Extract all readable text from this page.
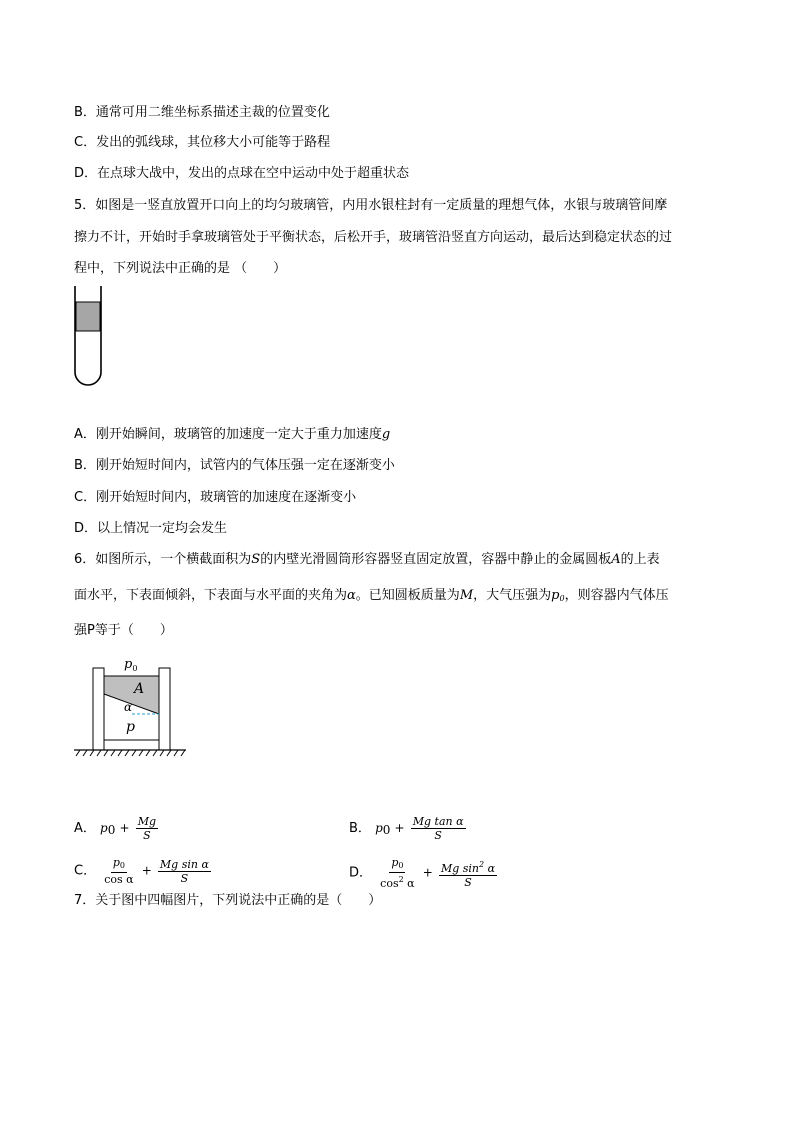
B．通常可用二维坐标系描述主裁的位置变化
C．发出的弧线球，其位移大小可能等于路程
D．在点球大战中，发出的点球在空中运动中处于超重状态
5．如图是一竖直放置开口向上的均匀玻璃管，内用水银柱封有一定质量的理想气体，水银与玻璃管间摩
擦力不计，开始时手拿玻璃管处于平衡状态，后松开手，玻璃管沿竖直方向运动，最后达到稳定状态的过
程中，下列说法中正确的是 （　　）
A．刚开始瞬间，玻璃管的加速度一定大于重力加速度g
B．刚开始短时间内，试管内的气体压强一定在逐渐变小
C．刚开始短时间内，玻璃管的加速度在逐渐变小
D．以上情况一定均会发生
6．如图所示，一个横截面积为S的内壁光滑圆筒形容器竖直固定放置，容器中静止的金属圆板A的上表
面水平，下表面倾斜，下表面与水平面的夹角为α。已知圆板质量为M，大气压强为$p_0$，则容器内气体压
强P等于（　　）
$p_0$
A
α
p
A． $p0 + \frac{Mg}{S}$	B． $p0 + \frac{\text{Mg tan α}}{S}$
C． $\frac{p_0}{\text{cos α}} + \frac{\text{Mg sin α}}{S}$	D． $\frac{p_0}{\cos^2 \alpha} + \frac{Mg \sin^2 \alpha}{S}$
7．关于图中四幅图片，下列说法中正确的是（　　）
